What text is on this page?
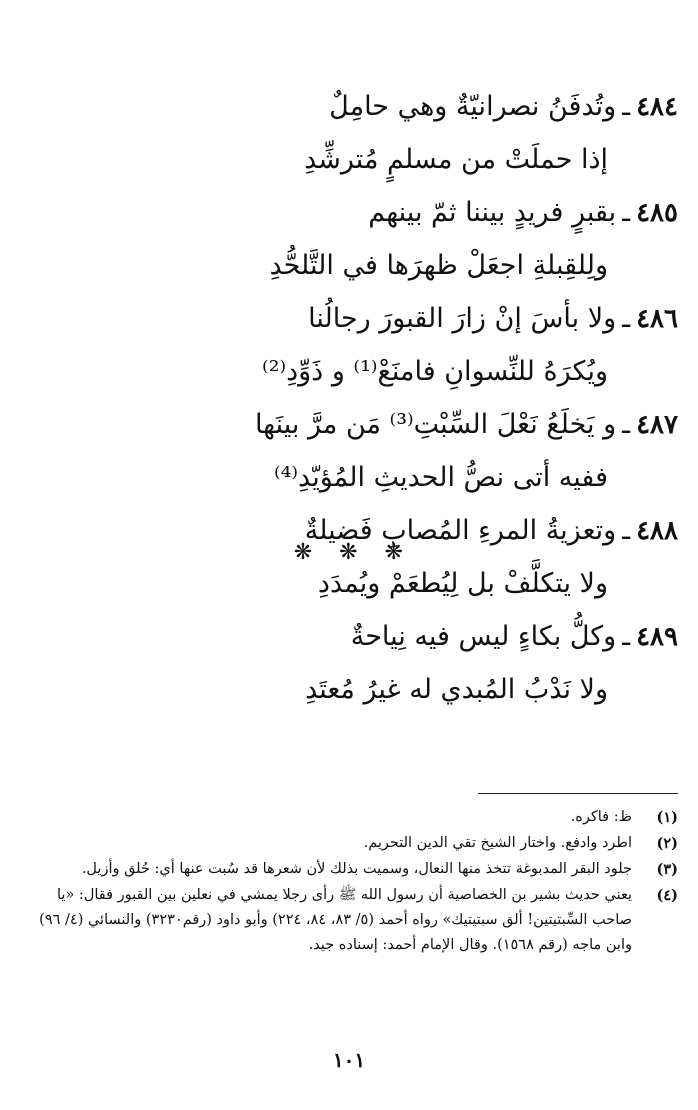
٤٨٤ـوتُدفَنُ نصرانيّةٌ وهي حامِلٌ
إذا حملَتْ من مسلمٍ مُترشِّدِ
٤٨٥ـبقبرٍ فريدٍ بيننا ثمّ بينهم
ولِلقِبلةِ اجعَلْ ظهرَها في التَّلحُّدِ
٤٨٦ـولا بأسَ إنْ زارَ القبورَ رجالُنا
ويُكرَهُ للنِّسوانِ فامنَعْ⁽¹⁾ و ذَوِّدِ⁽²⁾
٤٨٧ـو يَخلَعُ نَعْلَ السِّبْتِ⁽³⁾ مَن مرَّ بينَها
ففيه أتى نصُّ الحديثِ المُؤيّدِ⁽⁴⁾
٤٨٨ـوتعزيةُ المرءِ المُصابِ فَضيلةٌ
ولا يتكلَّفْ بل لِيُطعَمْ ويُمدَدِ
٤٨٩ـوكلُّ بكاءٍ ليس فيه نِياحةٌ
ولا نَدْبُ المُبدي له غيرُ مُعتَدِ
❋ ❋ ❋
(١)
ظ: فاكره.
(٢)
اطرد وادفع. واختار الشيخ تقي الدين التحريم.
(٣)
جلود البقر المدبوغة تتخذ منها النعال، وسميت بذلك لأن شعرها قد سُبت عنها أي: حُلق وأزيل.
(٤)
يعني حديث بشير بن الخصاصية أن رسول الله ﷺ رأى رجلا يمشي في نعلين بين القبور فقال: «يا صاحب السِّبتيتين! ألق سبتيتيك» رواه أحمد (٥/ ٨٣، ٨٤، ٢٢٤) وأبو داود (رقم٣٢٣٠) والنسائي (٤/ ٩٦) وابن ماجه (رقم ١٥٦٨). وقال الإمام أحمد: إسناده جيد.
١٠١
